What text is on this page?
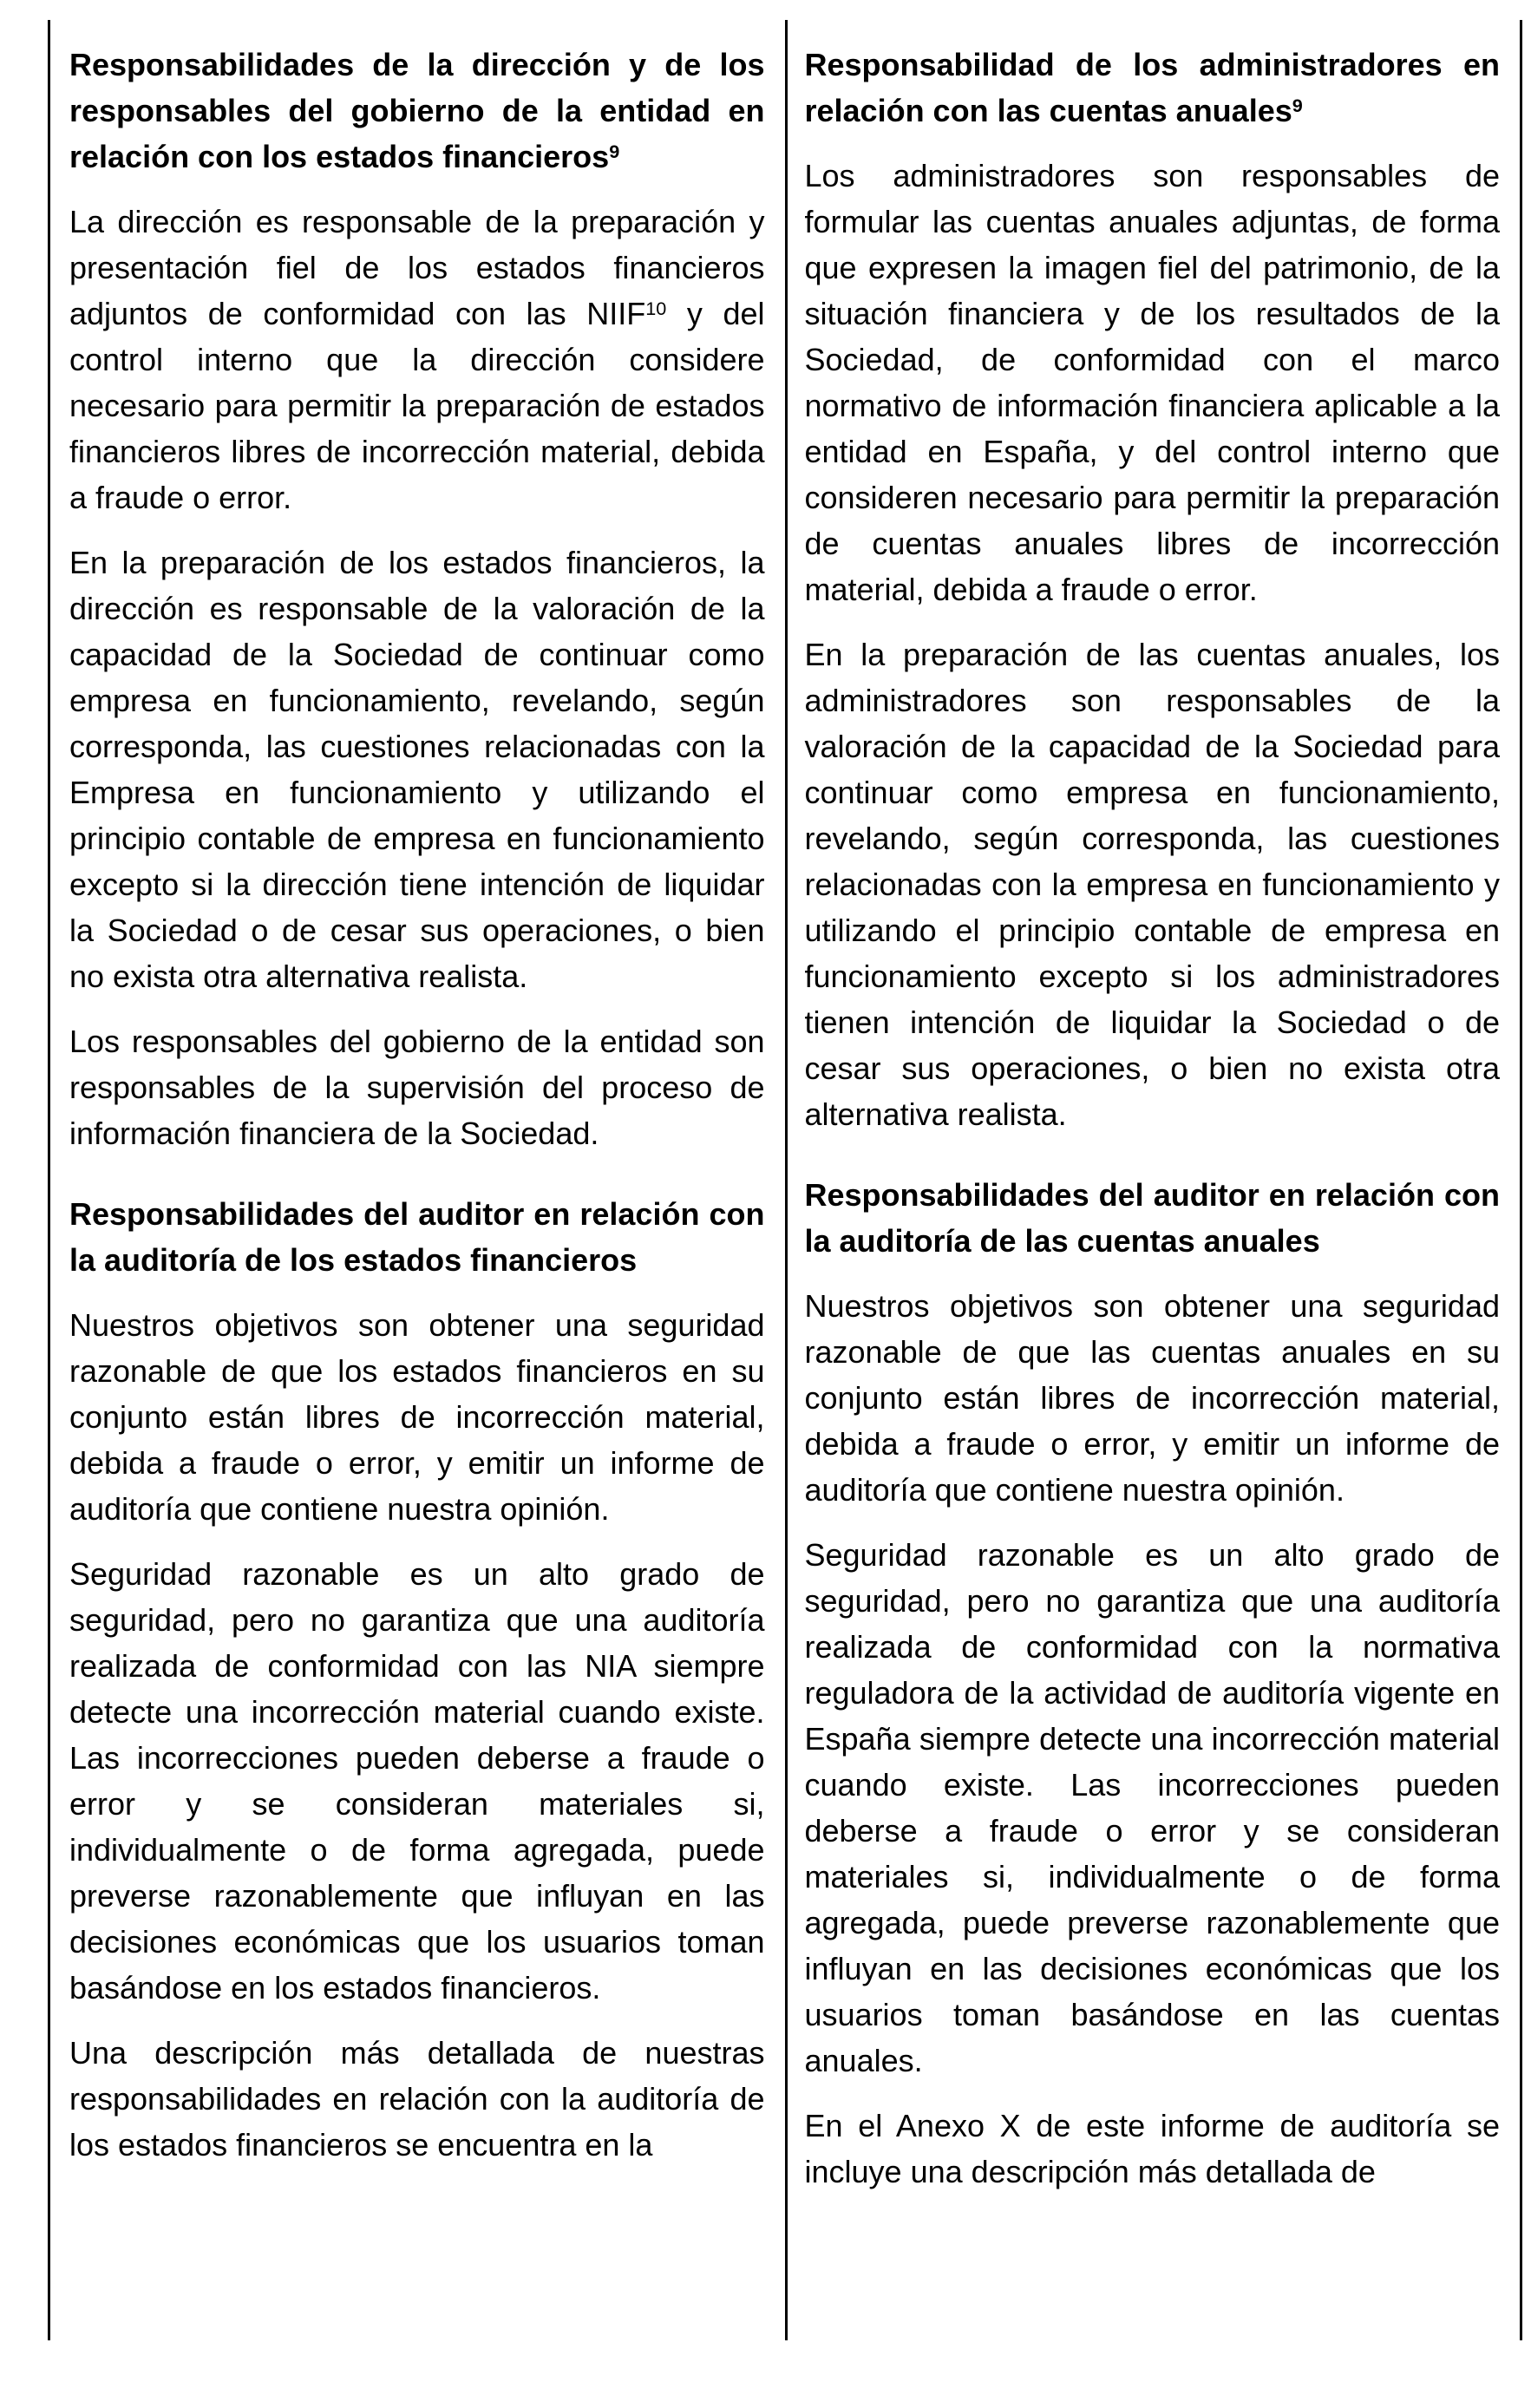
Responsabilidades de la dirección y de los responsables del gobierno de la entidad en relación con los estados financieros$^9$

La dirección es responsable de la preparación y presentación fiel de los estados financieros adjuntos de conformidad con las NIIF$^{10}$ y del control interno que la dirección considere necesario para permitir la preparación de estados financieros libres de incorrección material, debida a fraude o error.

En la preparación de los estados financieros, la dirección es responsable de la valoración de la capacidad de la Sociedad de continuar como empresa en funcionamiento, revelando, según corresponda, las cuestiones relacionadas con la Empresa en funcionamiento y utilizando el principio contable de empresa en funcionamiento excepto si la dirección tiene intención de liquidar la Sociedad o de cesar sus operaciones, o bien no exista otra alternativa realista.

Los responsables del gobierno de la entidad son responsables de la supervisión del proceso de información financiera de la Sociedad.

Responsabilidades del auditor en relación con la auditoría de los estados financieros

Nuestros objetivos son obtener una seguridad razonable de que los estados financieros en su conjunto están libres de incorrección material, debida a fraude o error, y emitir un informe de auditoría que contiene nuestra opinión.

Seguridad razonable es un alto grado de seguridad, pero no garantiza que una auditoría realizada de conformidad con las NIA siempre detecte una incorrección material cuando existe. Las incorrecciones pueden deberse a fraude o error y se consideran materiales si, individualmente o de forma agregada, puede preverse razonablemente que influyan en las decisiones económicas que los usuarios toman basándose en los estados financieros.

Una descripción más detallada de nuestras responsabilidades en relación con la auditoría de los estados financieros se encuentra en la

Responsabilidad de los administradores en relación con las cuentas anuales$^9$

Los administradores son responsables de formular las cuentas anuales adjuntas, de forma que expresen la imagen fiel del patrimonio, de la situación financiera y de los resultados de la Sociedad, de conformidad con el marco normativo de información financiera aplicable a la entidad en España, y del control interno que consideren necesario para permitir la preparación de cuentas anuales libres de incorrección material, debida a fraude o error.

En la preparación de las cuentas anuales, los administradores son responsables de la valoración de la capacidad de la Sociedad para continuar como empresa en funcionamiento, revelando, según corresponda, las cuestiones relacionadas con la empresa en funcionamiento y utilizando el principio contable de empresa en funcionamiento excepto si los administradores tienen intención de liquidar la Sociedad o de cesar sus operaciones, o bien no exista otra alternativa realista.

Responsabilidades del auditor en relación con la auditoría de las cuentas anuales

Nuestros objetivos son obtener una seguridad razonable de que las cuentas anuales en su conjunto están libres de incorrección material, debida a fraude o error, y emitir un informe de auditoría que contiene nuestra opinión.

Seguridad razonable es un alto grado de seguridad, pero no garantiza que una auditoría realizada de conformidad con la normativa reguladora de la actividad de auditoría vigente en España siempre detecte una incorrección material cuando existe. Las incorrecciones pueden deberse a fraude o error y se consideran materiales si, individualmente o de forma agregada, puede preverse razonablemente que influyan en las decisiones económicas que los usuarios toman basándose en las cuentas anuales.

En el Anexo X de este informe de auditoría se incluye una descripción más detallada de
